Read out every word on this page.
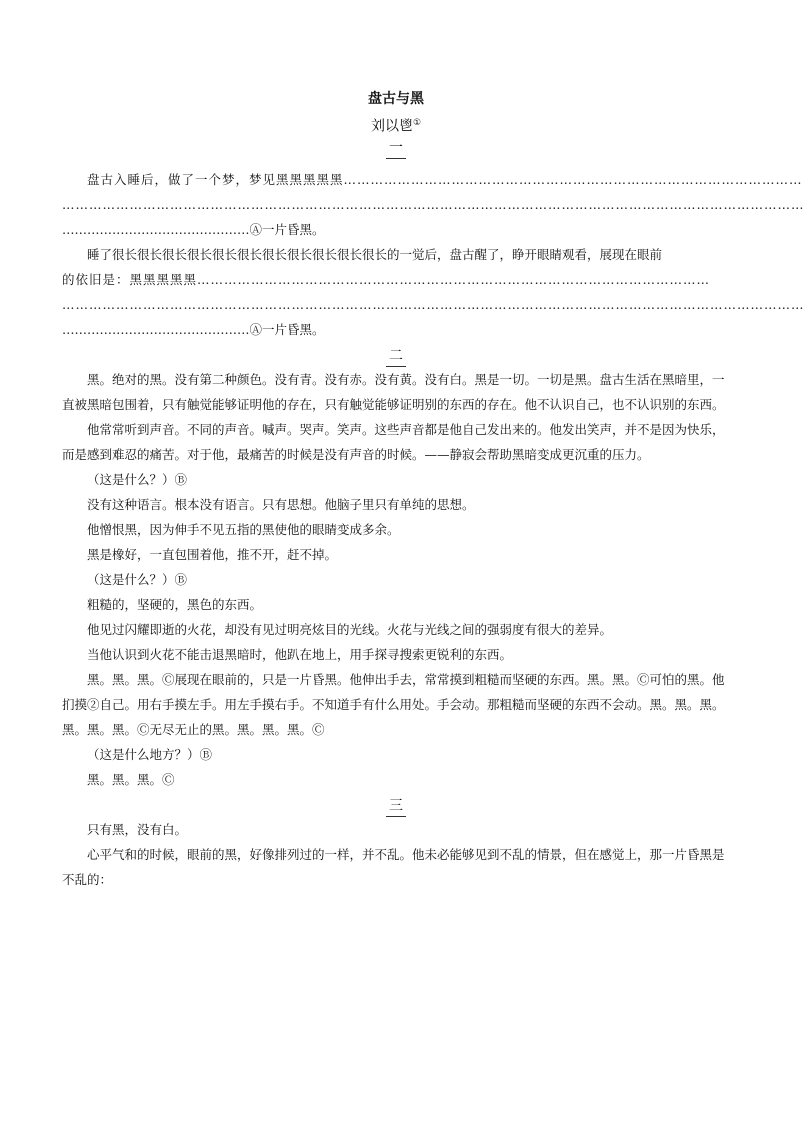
盘古与黑
刘以鬯①
一

盘古入睡后，做了一个梦，梦见黑黑黑黑黑…………………………………………………………………………………………

…………………………………………………………………………………………………………………………………………………

………………………………………Ⓐ一片昏黑。

睡了很长很长很长很长很长很长很长很长很长很长很长的一觉后，盘古醒了，睁开眼睛观看，展现在眼前

的依旧是：黑黑黑黑黑……………………………………………………………………………………………………

…………………………………………………………………………………………………………………………………………………

………………………………………Ⓐ一片昏黑。

二

黑。绝对的黑。没有第二种颜色。没有青。没有赤。没有黄。没有白。黑是一切。一切是黑。盘古生活在黑暗里，一直被黑暗包围着，只有触觉能够证明他的存在，只有触觉能够证明别的东西的存在。他不认识自己，也不认识别的东西。

他常常听到声音。不同的声音。喊声。哭声。笑声。这些声音都是他自己发出来的。他发出笑声，并不是因为快乐，而是感到难忍的痛苦。对于他，最痛苦的时候是没有声音的时候。——静寂会帮助黑暗变成更沉重的压力。

（这是什么？）Ⓑ

没有这种语言。根本没有语言。只有思想。他脑子里只有单纯的思想。

他憎恨黑，因为伸手不见五指的黑使他的眼睛变成多余。

黑是橡好，一直包围着他，推不开，赶不掉。

（这是什么？）Ⓑ

粗糙的，坚硬的，黑色的东西。

他见过闪耀即逝的火花，却没有见过明亮炫目的光线。火花与光线之间的强弱度有很大的差异。

当他认识到火花不能击退黑暗时，他趴在地上，用手探寻搜索更锐利的东西。

黑。黑。黑。Ⓒ展现在眼前的，只是一片昏黑。他伸出手去，常常摸到粗糙而坚硬的东西。黑。黑。Ⓒ可怕的黑。他扪摸②自己。用右手摸左手。用左手摸右手。不知道手有什么用处。手会动。那粗糙而坚硬的东西不会动。黑。黑。黑。黑。黑。黑。Ⓒ无尽无止的黑。黑。黑。黑。Ⓒ

（这是什么地方？）Ⓑ

黑。黑。黑。Ⓒ

三

只有黑，没有白。

心平气和的时候，眼前的黑，好像排列过的一样，并不乱。他未必能够见到不乱的情景，但在感觉上，那一片昏黑是不乱的：
